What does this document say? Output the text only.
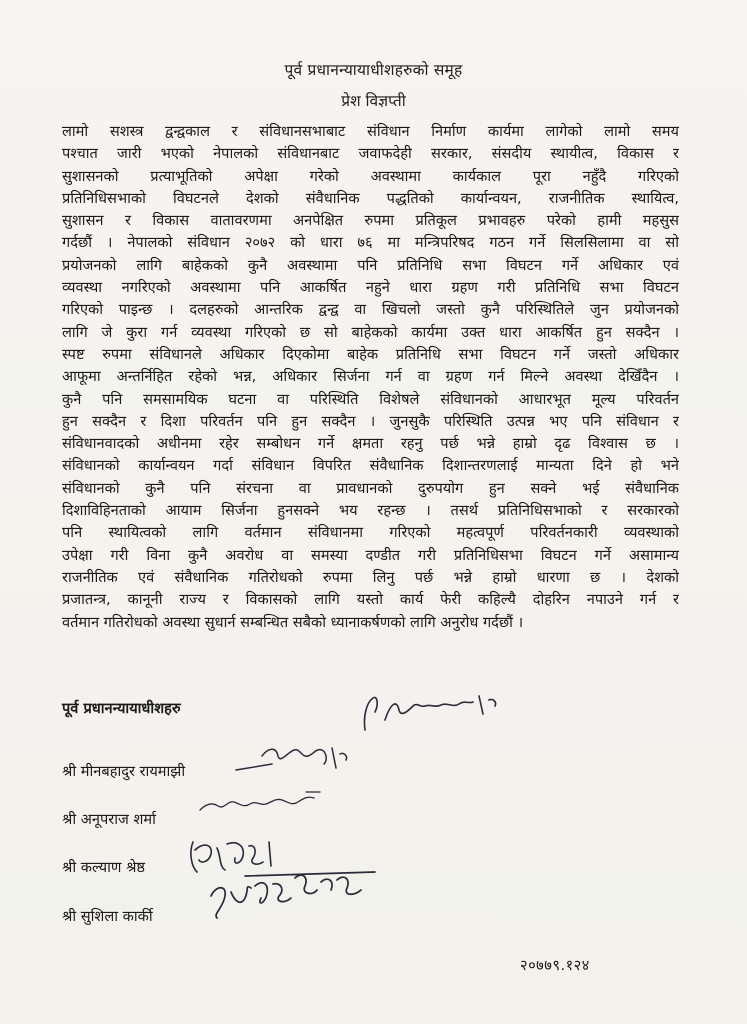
पूर्व प्रधानन्यायाधीशहरुको समूह
प्रेश विज्ञप्ती
लामो सशस्त्र द्वन्द्वकाल र संविधानसभाबाट संविधान निर्माण कार्यमा लागेको लामो समय
पश्चात जारी भएको नेपालको संविधानबाट जवाफदेही सरकार, संसदीय स्थायीत्व, विकास र
सुशासनको प्रत्याभूतिको अपेक्षा गरेको अवस्थामा कार्यकाल पूरा नहुँदै गरिएको
प्रतिनिधिसभाको विघटनले देशको संवैधानिक पद्धतिको कार्यान्वयन, राजनीतिक स्थायित्व,
सुशासन र विकास वातावरणमा अनपेक्षित रुपमा प्रतिकूल प्रभावहरु परेको हामी महसुस
गर्दछौं । नेपालको संविधान २०७२ को धारा ७६ मा मन्त्रिपरिषद गठन गर्ने सिलसिलामा वा सो
प्रयोजनको लागि बाहेकको कुनै अवस्थामा पनि प्रतिनिधि सभा विघटन गर्ने अधिकार एवं
व्यवस्था नगरिएको अवस्थामा पनि आकर्षित नहुने धारा ग्रहण गरी प्रतिनिधि सभा विघटन
गरिएको पाइन्छ । दलहरुको आन्तरिक द्वन्द्व वा खिचलो जस्तो कुनै परिस्थितिले जुन प्रयोजनको
लागि जे कुरा गर्न व्यवस्था गरिएको छ सो बाहेकको कार्यमा उक्त धारा आकर्षित हुन सक्दैन ।
स्पष्ट रुपमा संविधानले अधिकार दिएकोमा बाहेक प्रतिनिधि सभा विघटन गर्ने जस्तो अधिकार
आफूमा अन्तर्निहित रहेको भन्न, अधिकार सिर्जना गर्न वा ग्रहण गर्न मिल्ने अवस्था देखिँदैन ।
कुनै पनि समसामयिक घटना वा परिस्थिति विशेषले संविधानको आधारभूत मूल्य परिवर्तन
हुन सक्दैन र दिशा परिवर्तन पनि हुन सक्दैन । जुनसुकै परिस्थिति उत्पन्न भए पनि संविधान र
संविधानवादको अधीनमा रहेर सम्बोधन गर्ने क्षमता रहनु पर्छ भन्ने हाम्रो दृढ विश्वास छ ।
संविधानको कार्यान्वयन गर्दा संविधान विपरित संवैधानिक दिशान्तरणलाई मान्यता दिने हो भने
संविधानको कुनै पनि संरचना वा प्रावधानको दुरुपयोग हुन सक्ने भई संवैधानिक
दिशाविहिनताको आयाम सिर्जना हुनसक्ने भय रहन्छ । तसर्थ प्रतिनिधिसभाको र सरकारको
पनि स्थायित्वको लागि वर्तमान संविधानमा गरिएको महत्वपूर्ण परिवर्तनकारी व्यवस्थाको
उपेक्षा गरी विना कुनै अवरोध वा समस्या दण्डीत गरी प्रतिनिधिसभा विघटन गर्ने असामान्य
राजनीतिक एवं संवैधानिक गतिरोधको रुपमा लिनु पर्छ भन्ने हाम्रो धारणा छ । देशको
प्रजातन्त्र, कानूनी राज्य र विकासको लागि यस्तो कार्य फेरी कहिल्यै दोहरिन नपाउने गर्न र
वर्तमान गतिरोधको अवस्था सुधार्न सम्बन्धित सबैको ध्यानाकर्षणको लागि अनुरोध गर्दछौं ।
पूर्व प्रधानन्यायाधीशहरु
श्री मीनबहादुर रायमाझी
श्री अनूपराज शर्मा
श्री कल्याण श्रेष्ठ
श्री सुशिला कार्की
२०७७९.१२४
